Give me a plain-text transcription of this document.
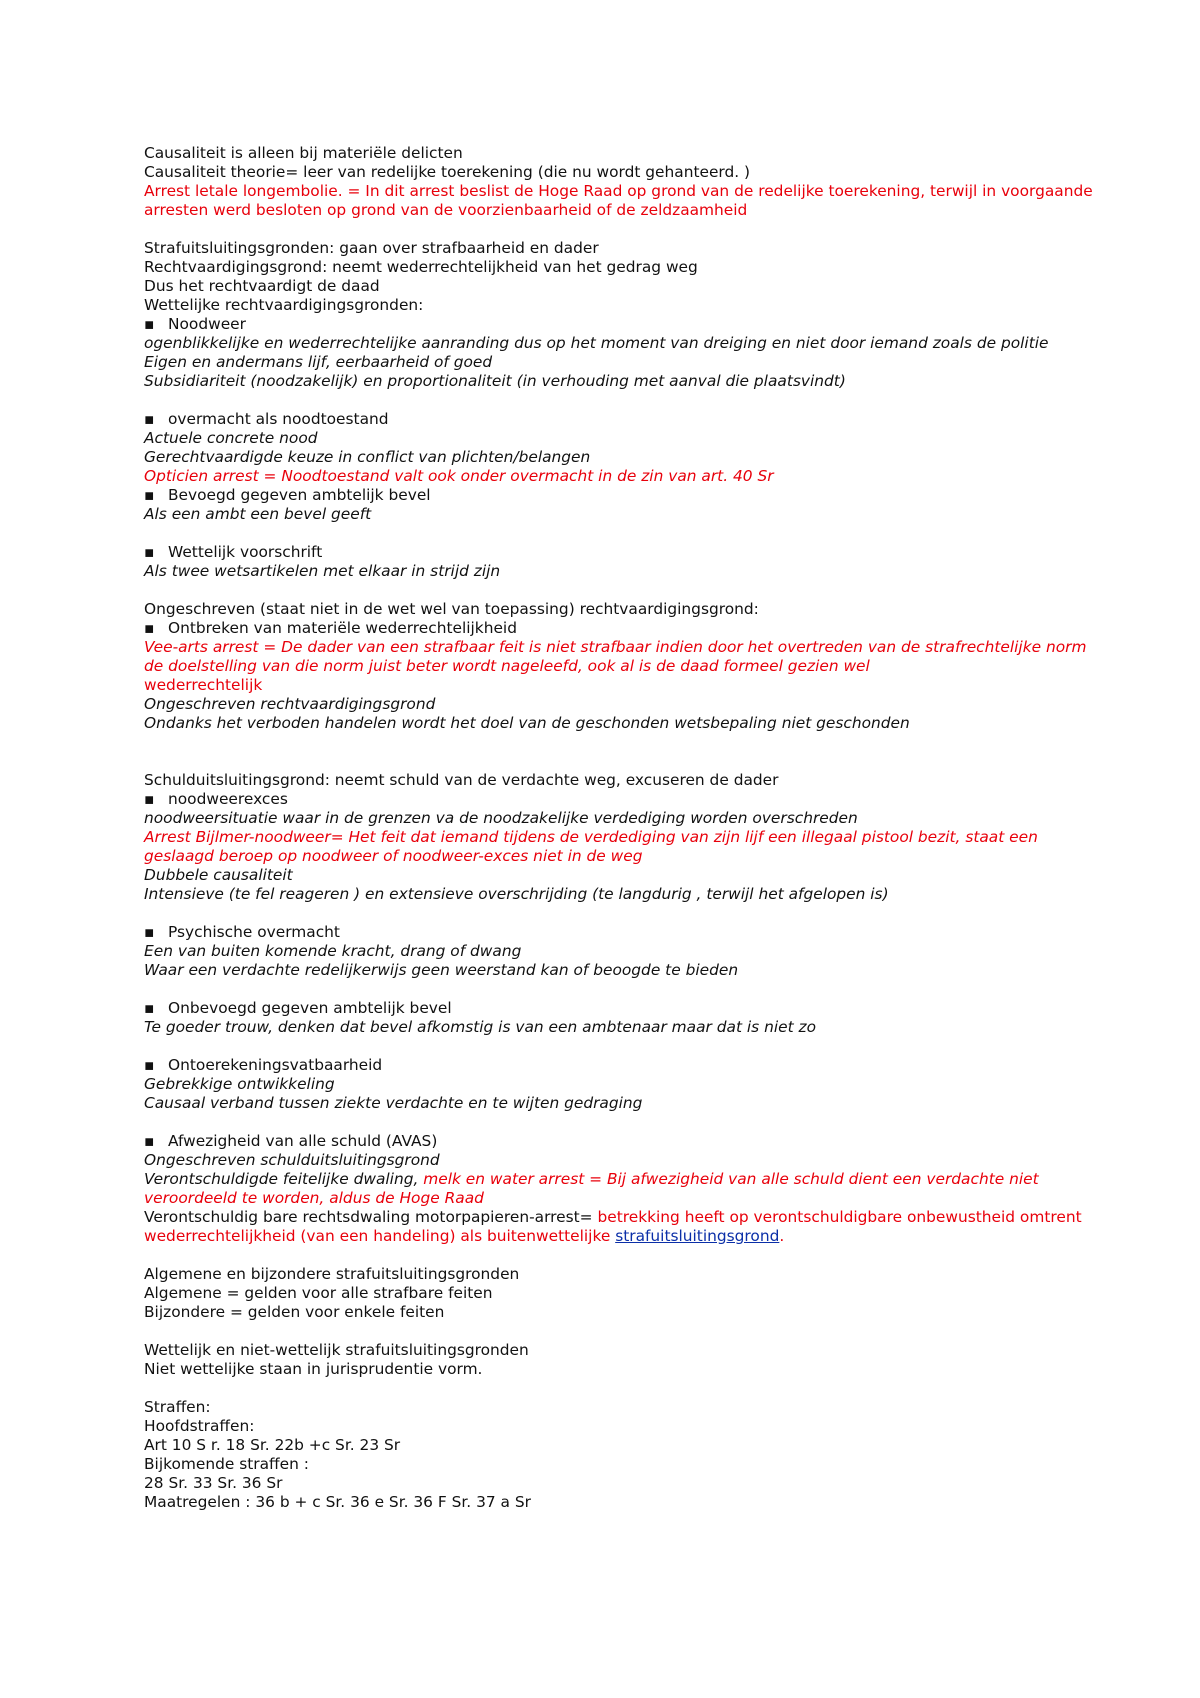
Causaliteit is alleen bij materiële delicten
Causaliteit theorie= leer van redelijke toerekening (die nu wordt gehanteerd. )
Arrest letale longembolie. = In dit arrest beslist de Hoge Raad op grond van de redelijke toerekening, terwijl in voorgaande arresten werd besloten op grond van de voorzienbaarheid of de zeldzaamheid
Strafuitsluitingsgronden: gaan over strafbaarheid en dader
Rechtvaardigingsgrond: neemt wederrechtelijkheid van het gedrag weg
Dus het rechtvaardigt de daad
Wettelijke rechtvaardigingsgronden:
▪ Noodweer
ogenblikkelijke en wederrechtelijke aanranding dus op het moment van dreiging en niet door iemand zoals de politie
Eigen en andermans lijf, eerbaarheid of goed
Subsidiariteit (noodzakelijk) en proportionaliteit (in verhouding met aanval die plaatsvindt)
▪ overmacht als noodtoestand
Actuele concrete nood
Gerechtvaardigde keuze in conflict van plichten/belangen
Opticien arrest = Noodtoestand valt ook onder overmacht in de zin van art. 40 Sr
▪ Bevoegd gegeven ambtelijk bevel
Als een ambt een bevel geeft
▪ Wettelijk voorschrift
Als twee wetsartikelen met elkaar in strijd zijn
Ongeschreven (staat niet in de wet wel van toepassing) rechtvaardigingsgrond:
▪ Ontbreken van materiële wederrechtelijkheid
Vee-arts arrest = De dader van een strafbaar feit is niet strafbaar indien door het overtreden van de strafrechtelijke norm de doelstelling van die norm juist beter wordt nageleefd, ook al is de daad formeel gezien wel
wederrechtelijk
Ongeschreven rechtvaardigingsgrond
Ondanks het verboden handelen wordt het doel van de geschonden wetsbepaling niet geschonden
Schulduitsluitingsgrond: neemt schuld van de verdachte weg, excuseren de dader
▪ noodweerexces
noodweersituatie waar in de grenzen va de noodzakelijke verdediging worden overschreden
Arrest Bijlmer-noodweer= Het feit dat iemand tijdens de verdediging van zijn lijf een illegaal pistool bezit, staat een geslaagd beroep op noodweer of noodweer-exces niet in de weg
Dubbele causaliteit
Intensieve (te fel reageren ) en extensieve overschrijding (te langdurig , terwijl het afgelopen is)
▪ Psychische overmacht
Een van buiten komende kracht, drang of dwang
Waar een verdachte redelijkerwijs geen weerstand kan of beoogde te bieden
▪ Onbevoegd gegeven ambtelijk bevel
Te goeder trouw, denken dat bevel afkomstig is van een ambtenaar maar dat is niet zo
▪ Ontoerekeningsvatbaarheid
Gebrekkige ontwikkeling
Causaal verband tussen ziekte verdachte en te wijten gedraging
▪ Afwezigheid van alle schuld (AVAS)
Ongeschreven schulduitsluitingsgrond
Verontschuldigde feitelijke dwaling, melk en water arrest = Bij afwezigheid van alle schuld dient een verdachte niet veroordeeld te worden, aldus de Hoge Raad
Verontschuldig bare rechtsdwaling motorpapieren-arrest= betrekking heeft op verontschuldigbare onbewustheid omtrent wederrechtelijkheid (van een handeling) als buitenwettelijke strafuitsluitingsgrond.
Algemene en bijzondere strafuitsluitingsgronden
Algemene = gelden voor alle strafbare feiten
Bijzondere = gelden voor enkele feiten
Wettelijk en niet-wettelijk strafuitsluitingsgronden
Niet wettelijke staan in jurisprudentie vorm.
Straffen:
Hoofdstraffen:
Art 10 S r. 18 Sr. 22b +c Sr. 23 Sr
Bijkomende straffen :
28 Sr. 33 Sr. 36 Sr
Maatregelen : 36 b + c Sr. 36 e Sr. 36 F Sr. 37 a Sr
